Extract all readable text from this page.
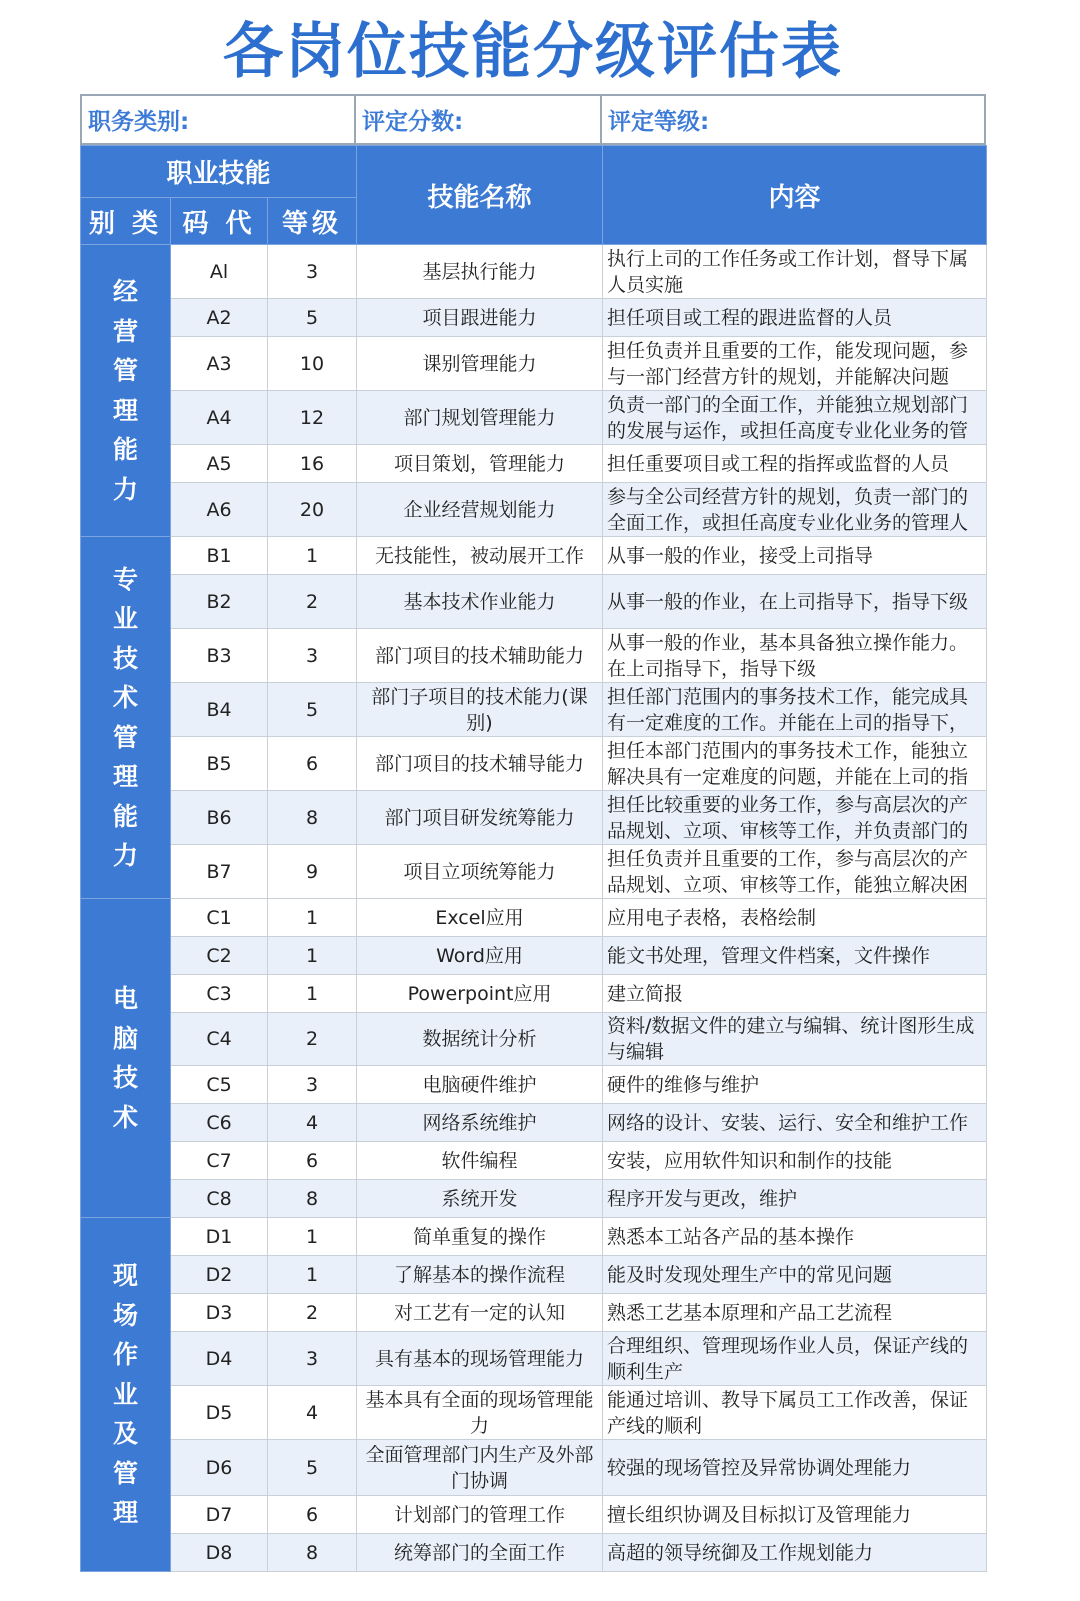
各岗位技能分级评估表
职务类别:	评定分数:	评定等级:
职业技能			技能名称	内容
别 类	码 代	等级		
经营管理能力	Al	3	基层执行能力	执行上司的工作任务或工作计划，督导下属人员实施

	A2	5	项目跟进能力	担任项目或工程的跟进监督的人员

	A3	10	课别管理能力	担任负责并且重要的工作，能发现问题，参与一部门经营方针的规划，并能解决问题

	A4	12	部门规划管理能力	负责一部门的全面工作，并能独立规划部门的发展与运作，或担任高度专业化业务的管

	A5	16	项目策划，管理能力	担任重要项目或工程的指挥或监督的人员

	A6	20	企业经营规划能力	参与全公司经营方针的规划，负责一部门的全面工作，或担任高度专业化业务的管理人

专业技术管理能力	B1	1	无技能性，被动展开工作	从事一般的作业，接受上司指导

	B2	2	基本技术作业能力	从事一般的作业，在上司指导下，指导下级

	B3	3	部门项目的技术辅助能力	从事一般的作业，基本具备独立操作能力。在上司指导下，指导下级

	B4	5	部门子项目的技术能力(课别)	担任部门范围内的事务技术工作，能完成具有一定难度的工作。并能在上司的指导下，

	B5	6	部门项目的技术辅导能力	担任本部门范围内的事务技术工作，能独立解决具有一定难度的问题，并能在上司的指

	B6	8	部门项目研发统筹能力	担任比较重要的业务工作，参与高层次的产品规划、立项、审核等工作，并负责部门的

	B7	9	项目立项统筹能力	担任负责并且重要的工作，参与高层次的产品规划、立项、审核等工作，能独立解决困

电脑技术	C1	1	Excel应用	应用电子表格，表格绘制

	C2	1	Word应用	能文书处理，管理文件档案，文件操作

	C3	1	Powerpoint应用	建立简报

	C4	2	数据统计分析	资料/数据文件的建立与编辑、统计图形生成与编辑

	C5	3	电脑硬件维护	硬件的维修与维护

	C6	4	网络系统维护	网络的设计、安装、运行、安全和维护工作

	C7	6	软件编程	安装，应用软件知识和制作的技能

	C8	8	系统开发	程序开发与更改，维护

现场作业及管理	D1	1	简单重复的操作	熟悉本工站各产品的基本操作

	D2	1	了解基本的操作流程	能及时发现处理生产中的常见问题

	D3	2	对工艺有一定的认知	熟悉工艺基本原理和产品工艺流程

	D4	3	具有基本的现场管理能力	合理组织、管理现场作业人员，保证产线的顺利生产

	D5	4	基本具有全面的现场管理能力	能通过培训、教导下属员工工作改善，保证产线的顺利

	D6	5	全面管理部门内生产及外部门协调	较强的现场管控及异常协调处理能力

	D7	6	计划部门的管理工作	擅长组织协调及目标拟订及管理能力

	D8	8	统筹部门的全面工作	高超的领导统御及工作规划能力
